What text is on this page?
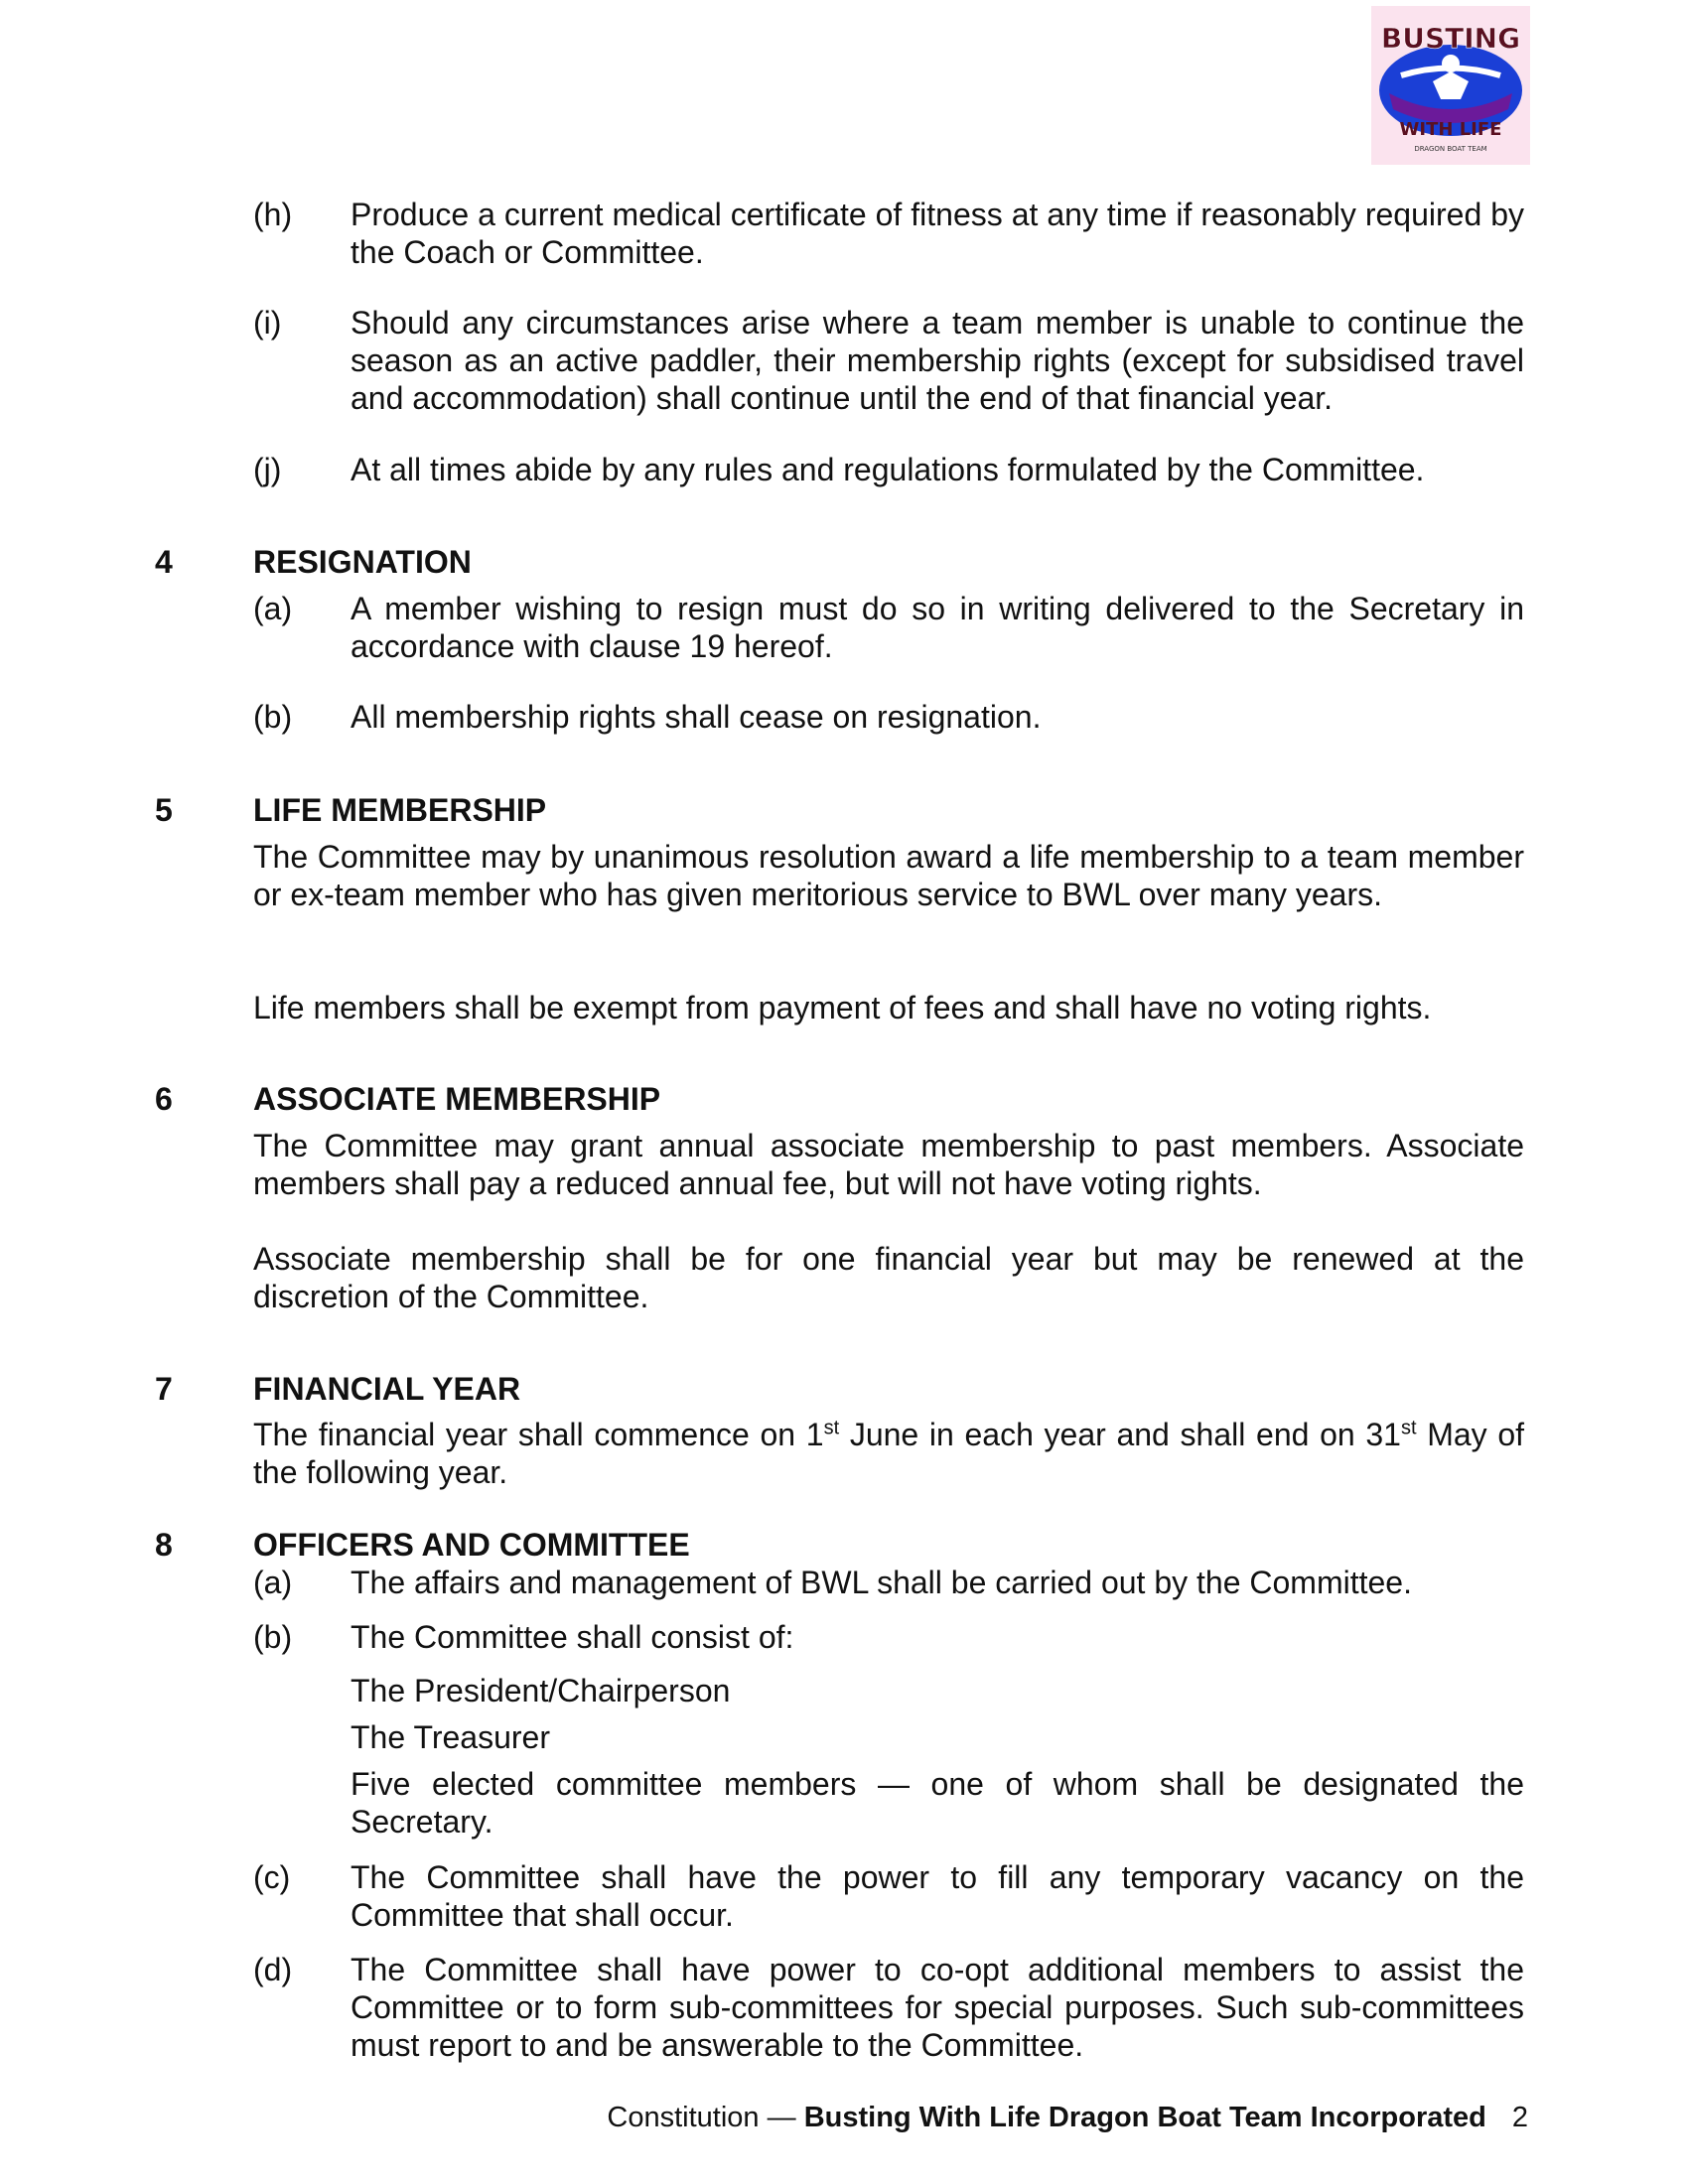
BUSTING
WITH LIFE
DRAGON BOAT TEAM
(h) Produce a current medical certificate of fitness at any time if reasonably required by the Coach or Committee.
(i) Should any circumstances arise where a team member is unable to continue the season as an active paddler, their membership rights (except for subsidised travel and accommodation) shall continue until the end of that financial year.
(j) At all times abide by any rules and regulations formulated by the Committee.
4	RESIGNATION
(a) A member wishing to resign must do so in writing delivered to the Secretary in accordance with clause 19 hereof.
(b) All membership rights shall cease on resignation.
5	LIFE MEMBERSHIP
The Committee may by unanimous resolution award a life membership to a team member or ex-team member who has given meritorious service to BWL over many years.
Life members shall be exempt from payment of fees and shall have no voting rights.
6	ASSOCIATE MEMBERSHIP
The Committee may grant annual associate membership to past members. Associate members shall pay a reduced annual fee, but will not have voting rights.
Associate membership shall be for one financial year but may be renewed at the discretion of the Committee.
7	FINANCIAL YEAR
The financial year shall commence on 1st June in each year and shall end on 31st May of the following year.
8	OFFICERS AND COMMITTEE
(a) The affairs and management of BWL shall be carried out by the Committee.
(b) The Committee shall consist of:
The President/Chairperson
The Treasurer
Five elected committee members — one of whom shall be designated the Secretary.
(c) The Committee shall have the power to fill any temporary vacancy on the Committee that shall occur.
(d) The Committee shall have power to co-opt additional members to assist the Committee or to form sub-committees for special purposes. Such sub-committees must report to and be answerable to the Committee.
Constitution — Busting With Life Dragon Boat Team Incorporated 2
